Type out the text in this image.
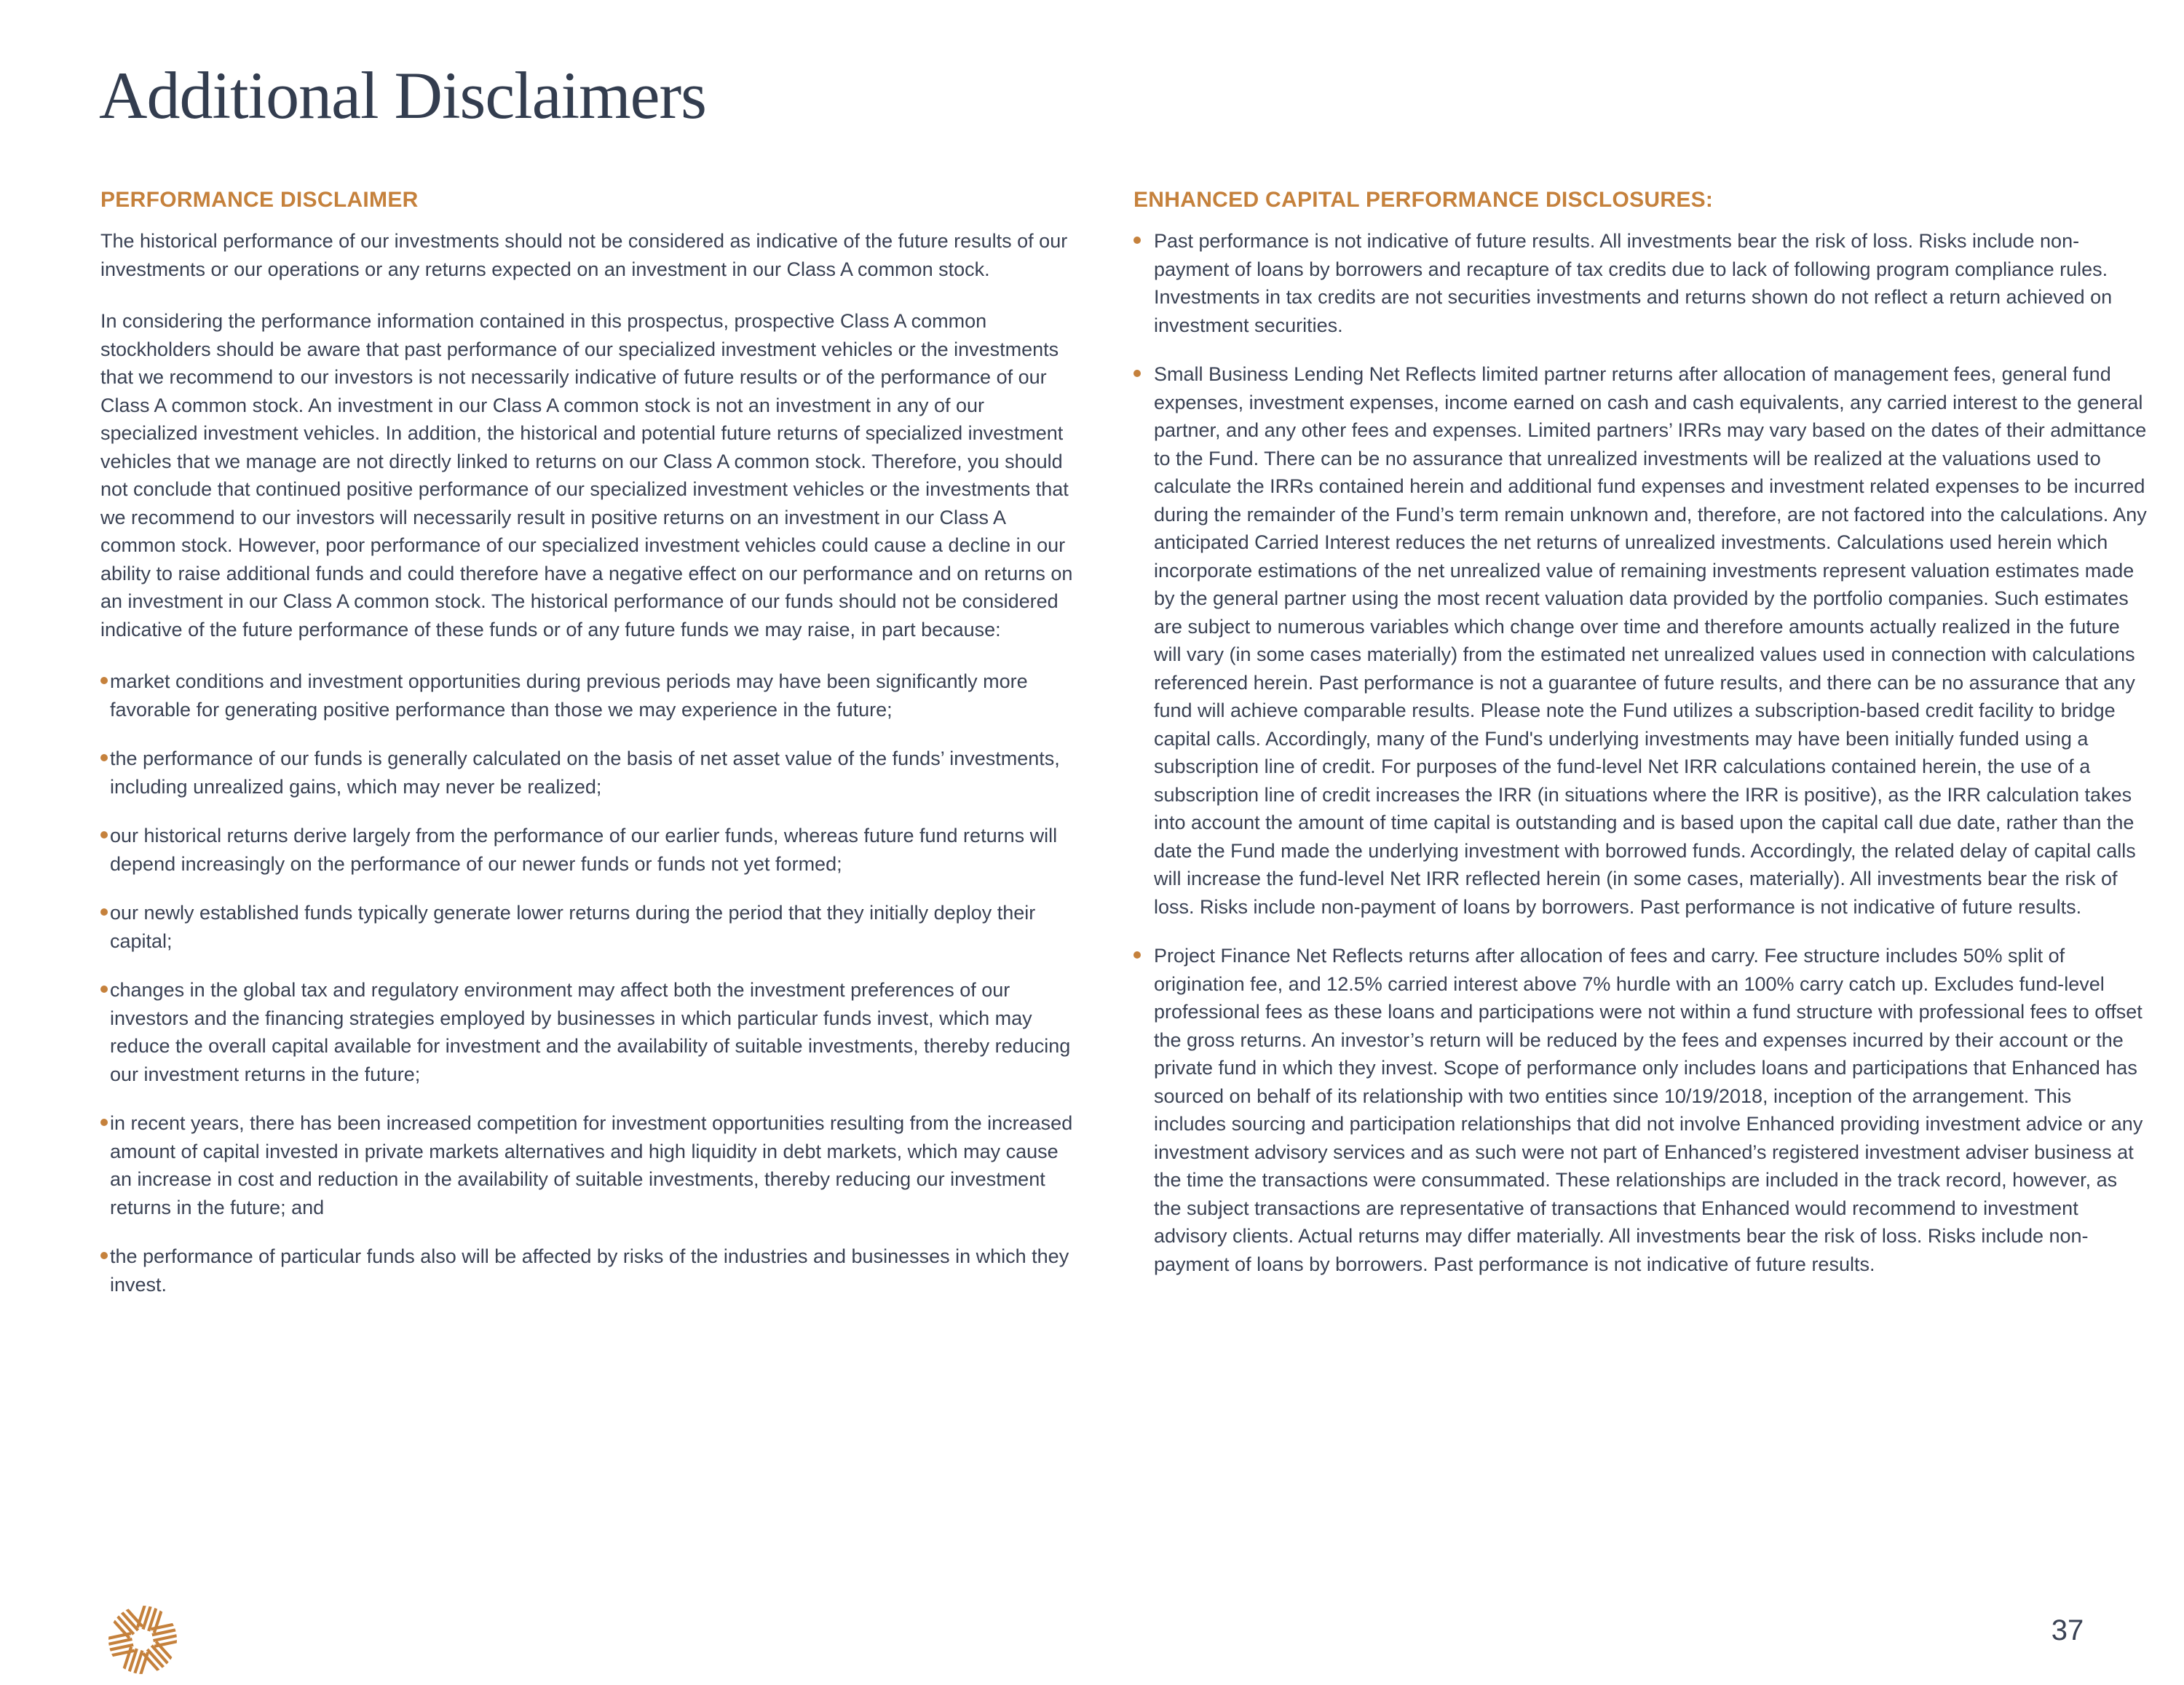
Additional Disclaimers
PERFORMANCE DISCLAIMER

The historical performance of our investments should not be considered as indicative of the future results of our investments or our operations or any returns expected on an investment in our Class A common stock.

In considering the performance information contained in this prospectus, prospective Class A common stockholders should be aware that past performance of our specialized investment vehicles or the investments that we recommend to our investors is not necessarily indicative of future results or of the performance of our Class A common stock. An investment in our Class A common stock is not an investment in any of our specialized investment vehicles. In addition, the historical and potential future returns of specialized investment vehicles that we manage are not directly linked to returns on our Class A common stock. Therefore, you should not conclude that continued positive performance of our specialized investment vehicles or the investments that we recommend to our investors will necessarily result in positive returns on an investment in our Class A common stock. However, poor performance of our specialized investment vehicles could cause a decline in our ability to raise additional funds and could therefore have a negative effect on our performance and on returns on an investment in our Class A common stock. The historical performance of our funds should not be considered indicative of the future performance of these funds or of any future funds we may raise, in part because:

market conditions and investment opportunities during previous periods may have been significantly more favorable for generating positive performance than those we may experience in the future;
the performance of our funds is generally calculated on the basis of net asset value of the funds’ investments, including unrealized gains, which may never be realized;
our historical returns derive largely from the performance of our earlier funds, whereas future fund returns will depend increasingly on the performance of our newer funds or funds not yet formed;
our newly established funds typically generate lower returns during the period that they initially deploy their capital;
changes in the global tax and regulatory environment may affect both the investment preferences of our investors and the financing strategies employed by businesses in which particular funds invest, which may reduce the overall capital available for investment and the availability of suitable investments, thereby reducing our investment returns in the future;
in recent years, there has been increased competition for investment opportunities resulting from the increased amount of capital invested in private markets alternatives and high liquidity in debt markets, which may cause an increase in cost and reduction in the availability of suitable investments, thereby reducing our investment returns in the future; and
the performance of particular funds also will be affected by risks of the industries and businesses in which they invest.
ENHANCED CAPITAL PERFORMANCE DISCLOSURES:
Past performance is not indicative of future results. All investments bear the risk of loss. Risks include non-payment of loans by borrowers and recapture of tax credits due to lack of following program compliance rules. Investments in tax credits are not securities investments and returns shown do not reflect a return achieved on investment securities.
Small Business Lending Net Reflects limited partner returns after allocation of management fees, general fund expenses, investment expenses, income earned on cash and cash equivalents, any carried interest to the general partner, and any other fees and expenses. Limited partners’ IRRs may vary based on the dates of their admittance to the Fund. There can be no assurance that unrealized investments will be realized at the valuations used to calculate the IRRs contained herein and additional fund expenses and investment related expenses to be incurred during the remainder of the Fund’s term remain unknown and, therefore, are not factored into the calculations. Any anticipated Carried Interest reduces the net returns of unrealized investments. Calculations used herein which incorporate estimations of the net unrealized value of remaining investments represent valuation estimates made by the general partner using the most recent valuation data provided by the portfolio companies. Such estimates are subject to numerous variables which change over time and therefore amounts actually realized in the future will vary (in some cases materially) from the estimated net unrealized values used in connection with calculations referenced herein. Past performance is not a guarantee of future results, and there can be no assurance that any fund will achieve comparable results. Please note the Fund utilizes a subscription-based credit facility to bridge capital calls. Accordingly, many of the Fund's underlying investments may have been initially funded using a subscription line of credit. For purposes of the fund-level Net IRR calculations contained herein, the use of a subscription line of credit increases the IRR (in situations where the IRR is positive), as the IRR calculation takes into account the amount of time capital is outstanding and is based upon the capital call due date, rather than the date the Fund made the underlying investment with borrowed funds. Accordingly, the related delay of capital calls will increase the fund-level Net IRR reflected herein (in some cases, materially). All investments bear the risk of loss. Risks include non-payment of loans by borrowers. Past performance is not indicative of future results.
Project Finance Net Reflects returns after allocation of fees and carry. Fee structure includes 50% split of origination fee, and 12.5% carried interest above 7% hurdle with an 100% carry catch up. Excludes fund-level professional fees as these loans and participations were not within a fund structure with professional fees to offset the gross returns. An investor’s return will be reduced by the fees and expenses incurred by their account or the private fund in which they invest. Scope of performance only includes loans and participations that Enhanced has sourced on behalf of its relationship with two entities since 10/19/2018, inception of the arrangement. This includes sourcing and participation relationships that did not involve Enhanced providing investment advice or any investment advisory services and as such were not part of Enhanced’s registered investment adviser business at the time the transactions were consummated. These relationships are included in the track record, however, as the subject transactions are representative of transactions that Enhanced would recommend to investment advisory clients. Actual returns may differ materially. All investments bear the risk of loss. Risks include non-payment of loans by borrowers. Past performance is not indicative of future results.
37
